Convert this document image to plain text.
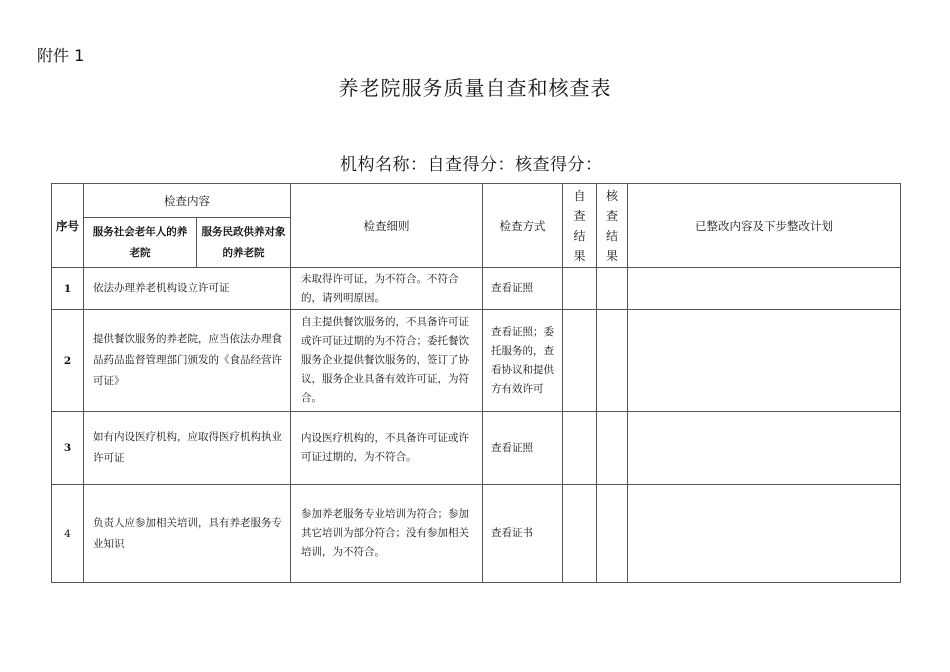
附件 1
养老院服务质量自查和核查表
机构名称：自查得分：核查得分：
序号	检查内容		检查细则	检查方式	自查结果	核查结果	已整改内容及下步整改计划

	服务社会老年人的养老院	服务民政供养对象的养老院					

1	依法办理养老机构设立许可证		未取得许可证，为不符合。不符合的，请列明原因。	查看证照			
2	提供餐饮服务的养老院，应当依法办理食品药品监督管理部门颁发的《食品经营许可证》		自主提供餐饮服务的，不具备许可证或许可证过期的为不符合；委托餐饮服务企业提供餐饮服务的，签订了协议，服务企业具备有效许可证，为符合。	查看证照；委托服务的，查看协议和提供方有效许可			
3	如有内设医疗机构，应取得医疗机构执业许可证		内设医疗机构的，不具备许可证或许可证过期的，为不符合。	查看证照			
4	负责人应参加相关培训，具有养老服务专业知识		参加养老服务专业培训为符合；参加其它培训为部分符合；没有参加相关培训，为不符合。	查看证书			
